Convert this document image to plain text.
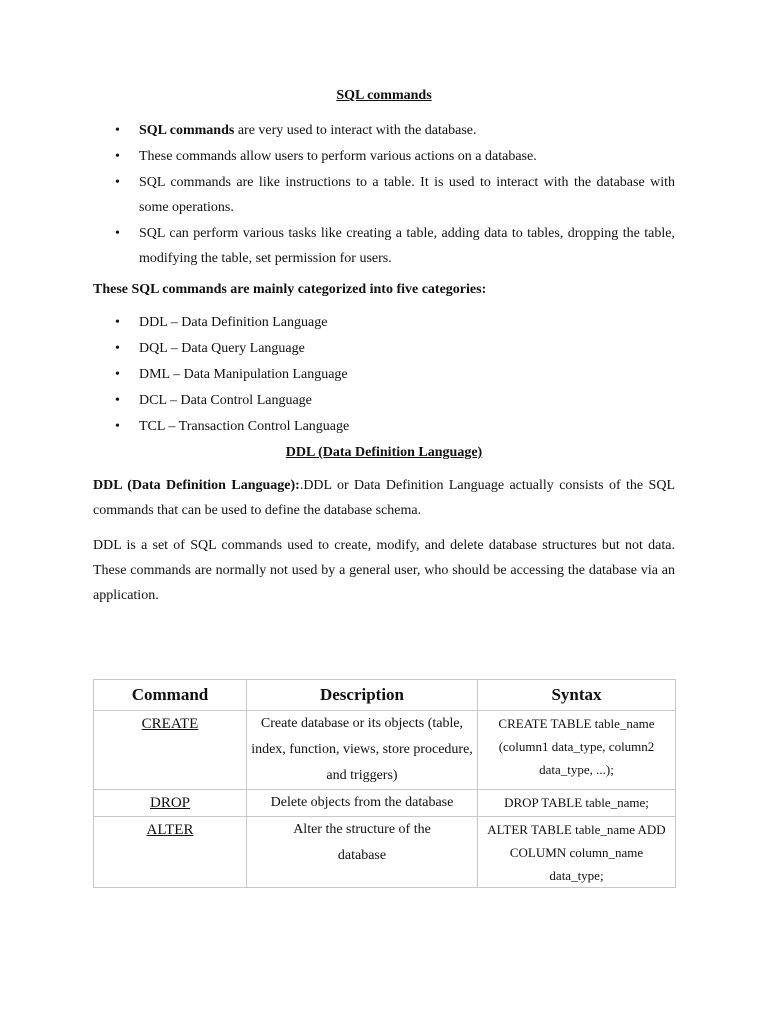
SQL commands

• SQL commands are very used to interact with the database.
• These commands allow users to perform various actions on a database.
• SQL commands are like instructions to a table. It is used to interact with the database with some operations.
• SQL can perform various tasks like creating a table, adding data to tables, dropping the table, modifying the table, set permission for users.

These SQL commands are mainly categorized into five categories:

• DDL – Data Definition Language
• DQL – Data Query Language
• DML – Data Manipulation Language
• DCL – Data Control Language
• TCL – Transaction Control Language

DDL (Data Definition Language)

DDL (Data Definition Language):.DDL or Data Definition Language actually consists of the SQL commands that can be used to define the database schema.

DDL is a set of SQL commands used to create, modify, and delete database structures but not data. These commands are normally not used by a general user, who should be accessing the database via an application.

Command	Description	Syntax
CREATE	Create database or its objects (table, index, function, views, store procedure, and triggers)	CREATE TABLE table_name (column1 data_type, column2 data_type, ...);

DROP	Delete objects from the database	DROP TABLE table_name;

ALTER	Alter the structure of the database	ALTER TABLE table_name ADD COLUMN column_name data_type;
